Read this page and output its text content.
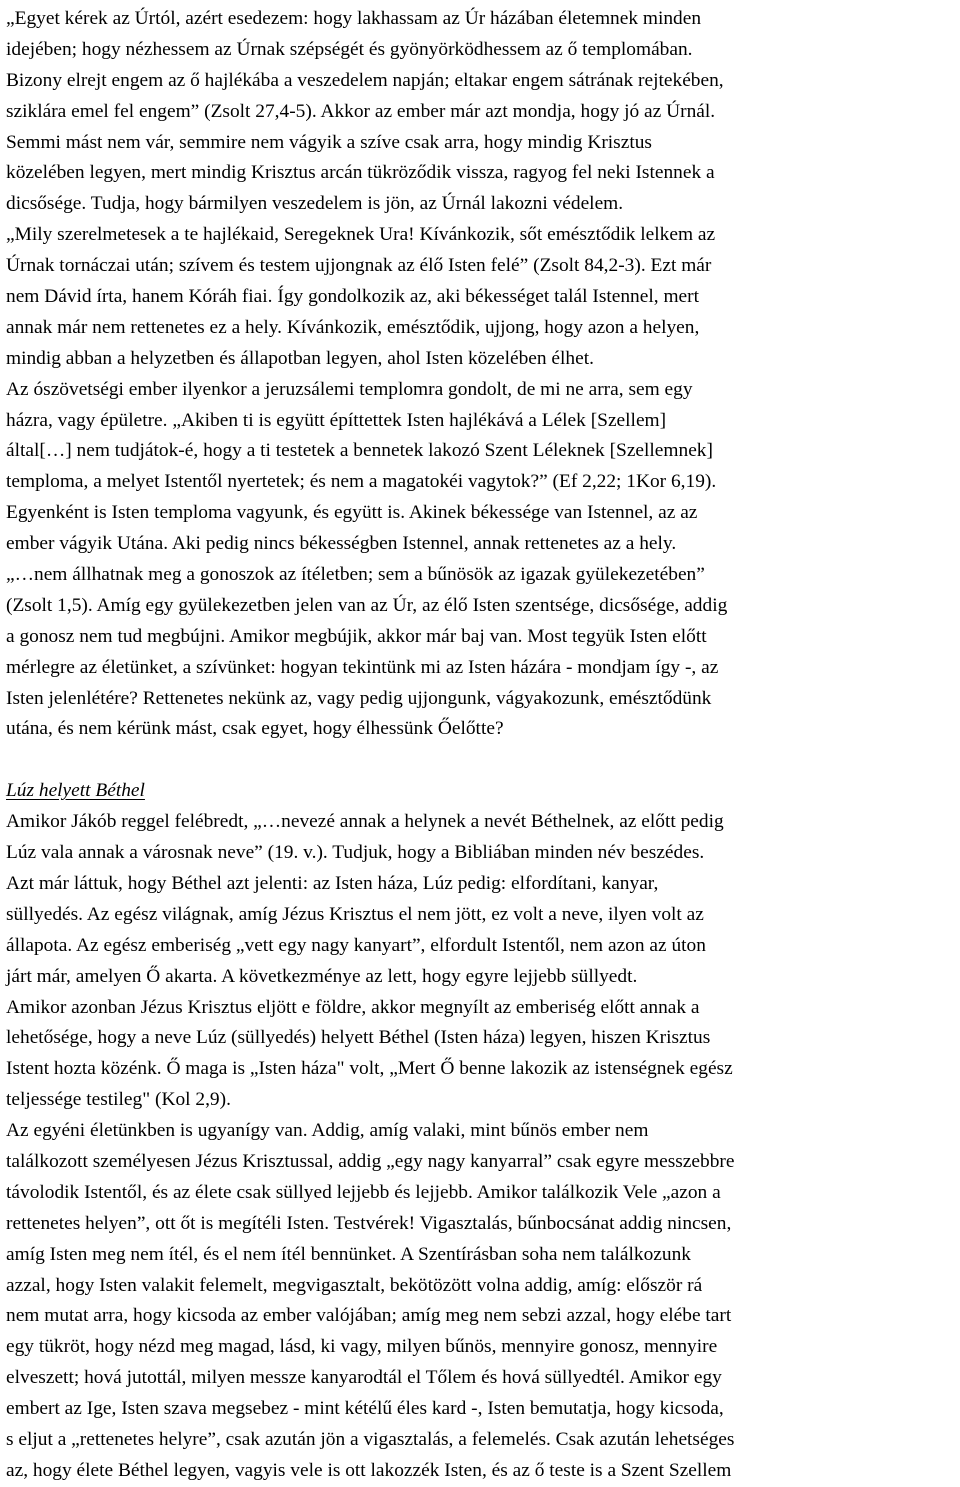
„Egyet kérek az Úrtól, azért esedezem: hogy lakhassam az Úr házában életemnek minden
idejében; hogy nézhessem az Úrnak szépségét és gyönyörködhessem az ő templomában.
Bizony elrejt engem az ő hajlékába a veszedelem napján; eltakar engem sátrának rejtekében,
sziklára emel fel engem” (Zsolt 27,4-5). Akkor az ember már azt mondja, hogy jó az Úrnál.
Semmi mást nem vár, semmire nem vágyik a szíve csak arra, hogy mindig Krisztus
közelében legyen, mert mindig Krisztus arcán tükröződik vissza, ragyog fel neki Istennek a
dicsősége. Tudja, hogy bármilyen veszedelem is jön, az Úrnál lakozni védelem.
„Mily szerelmetesek a te hajlékaid, Seregeknek Ura! Kívánkozik, sőt emésztődik lelkem az
Úrnak tornáczai után; szívem és testem ujjongnak az élő Isten felé” (Zsolt 84,2-3). Ezt már
nem Dávid írta, hanem Kóráh fiai. Így gondolkozik az, aki békességet talál Istennel, mert
annak már nem rettenetes ez a hely. Kívánkozik, emésztődik, ujjong, hogy azon a helyen,
mindig abban a helyzetben és állapotban legyen, ahol Isten közelében élhet.
Az ószövetségi ember ilyenkor a jeruzsálemi templomra gondolt, de mi ne arra, sem egy
házra, vagy épületre. „Akiben ti is együtt építtettek Isten hajlékává a Lélek [Szellem]
által[…] nem tudjátok-é, hogy a ti testetek a bennetek lakozó Szent Léleknek [Szellemnek]
temploma, a melyet Istentől nyertetek; és nem a magatokéi vagytok?” (Ef 2,22; 1Kor 6,19).
Egyenként is Isten temploma vagyunk, és együtt is. Akinek békessége van Istennel, az az
ember vágyik Utána. Aki pedig nincs békességben Istennel, annak rettenetes az a hely.
„…nem állhatnak meg a gonoszok az ítéletben; sem a bűnösök az igazak gyülekezetében”
(Zsolt 1,5). Amíg egy gyülekezetben jelen van az Úr, az élő Isten szentsége, dicsősége, addig
a gonosz nem tud megbújni. Amikor megbújik, akkor már baj van. Most tegyük Isten előtt
mérlegre az életünket, a szívünket: hogyan tekintünk mi az Isten házára - mondjam így -, az
Isten jelenlétére? Rettenetes nekünk az, vagy pedig ujjongunk, vágyakozunk, emésztődünk
utána, és nem kérünk mást, csak egyet, hogy élhessünk Őelőtte?
Lúz helyett Béthel
Amikor Jákób reggel felébredt, „…nevezé annak a helynek a nevét Béthelnek, az előtt pedig
Lúz vala annak a városnak neve” (19. v.). Tudjuk, hogy a Bibliában minden név beszédes.
Azt már láttuk, hogy Béthel azt jelenti: az Isten háza, Lúz pedig: elfordítani, kanyar,
süllyedés. Az egész világnak, amíg Jézus Krisztus el nem jött, ez volt a neve, ilyen volt az
állapota. Az egész emberiség „vett egy nagy kanyart”, elfordult Istentől, nem azon az úton
járt már, amelyen Ő akarta. A következménye az lett, hogy egyre lejjebb süllyedt.
Amikor azonban Jézus Krisztus eljött e földre, akkor megnyílt az emberiség előtt annak a
lehetősége, hogy a neve Lúz (süllyedés) helyett Béthel (Isten háza) legyen, hiszen Krisztus
Istent hozta közénk. Ő maga is „Isten háza" volt, „Mert Ő benne lakozik az istenségnek egész
teljessége testileg" (Kol 2,9).
Az egyéni életünkben is ugyanígy van. Addig, amíg valaki, mint bűnös ember nem
találkozott személyesen Jézus Krisztussal, addig „egy nagy kanyarral” csak egyre messzebbre
távolodik Istentől, és az élete csak süllyed lejjebb és lejjebb. Amikor találkozik Vele „azon a
rettenetes helyen”, ott őt is megítéli Isten. Testvérek! Vigasztalás, bűnbocsánat addig nincsen,
amíg Isten meg nem ítél, és el nem ítél bennünket. A Szentírásban soha nem találkozunk
azzal, hogy Isten valakit felemelt, megvigasztalt, bekötözött volna addig, amíg: először rá
nem mutat arra, hogy kicsoda az ember valójában; amíg meg nem sebzi azzal, hogy elébe tart
egy tükröt, hogy nézd meg magad, lásd, ki vagy, milyen bűnös, mennyire gonosz, mennyire
elveszett; hová jutottál, milyen messze kanyarodtál el Tőlem és hová süllyedtél. Amikor egy
embert az Ige, Isten szava megsebez - mint kétélű éles kard -, Isten bemutatja, hogy kicsoda,
s eljut a „rettenetes helyre”, csak azután jön a vigasztalás, a felemelés. Csak azután lehetséges
az, hogy élete Béthel legyen, vagyis vele is ott lakozzék Isten, és az ő teste is a Szent Szellem
